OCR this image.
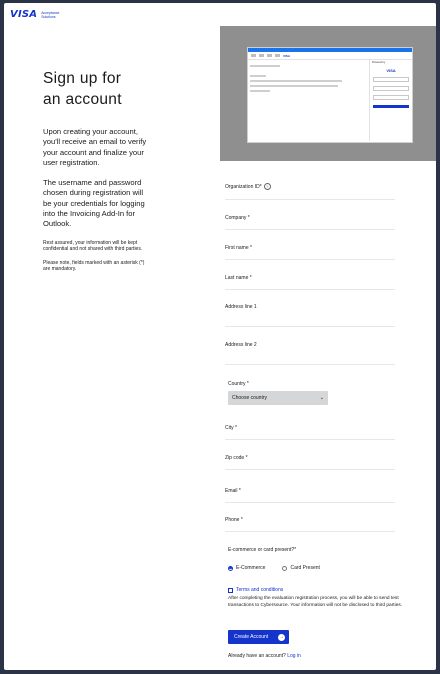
VISA Acceptance Solutions
Sign up for
an account

Upon creating your account, you'll receive an email to verify your account and finalize your user registration.

The username and password chosen during registration will be your credentials for logging into the Invoicing Add-In for Outlook.

Rest assured, your information will be kept confidential and not shared with third parties.

Please note, fields marked with an asterisk (*) are mandatory.

VISA
Powered by
VISA
Organization ID* ?
Company *
First name *
Last name *
Address line 1
Address line 2
Country *
Choose country	⌄
City *
Zip code *
Email *
Phone *
E-commerce or card present?*
E-Commerce	Card Present
Terms and conditions

After completing the evaluation registration process, you will be able to send test transactions to Cybersource. Your information will not be disclosed to third parties.

Create Account →
Already have an account? Log in
